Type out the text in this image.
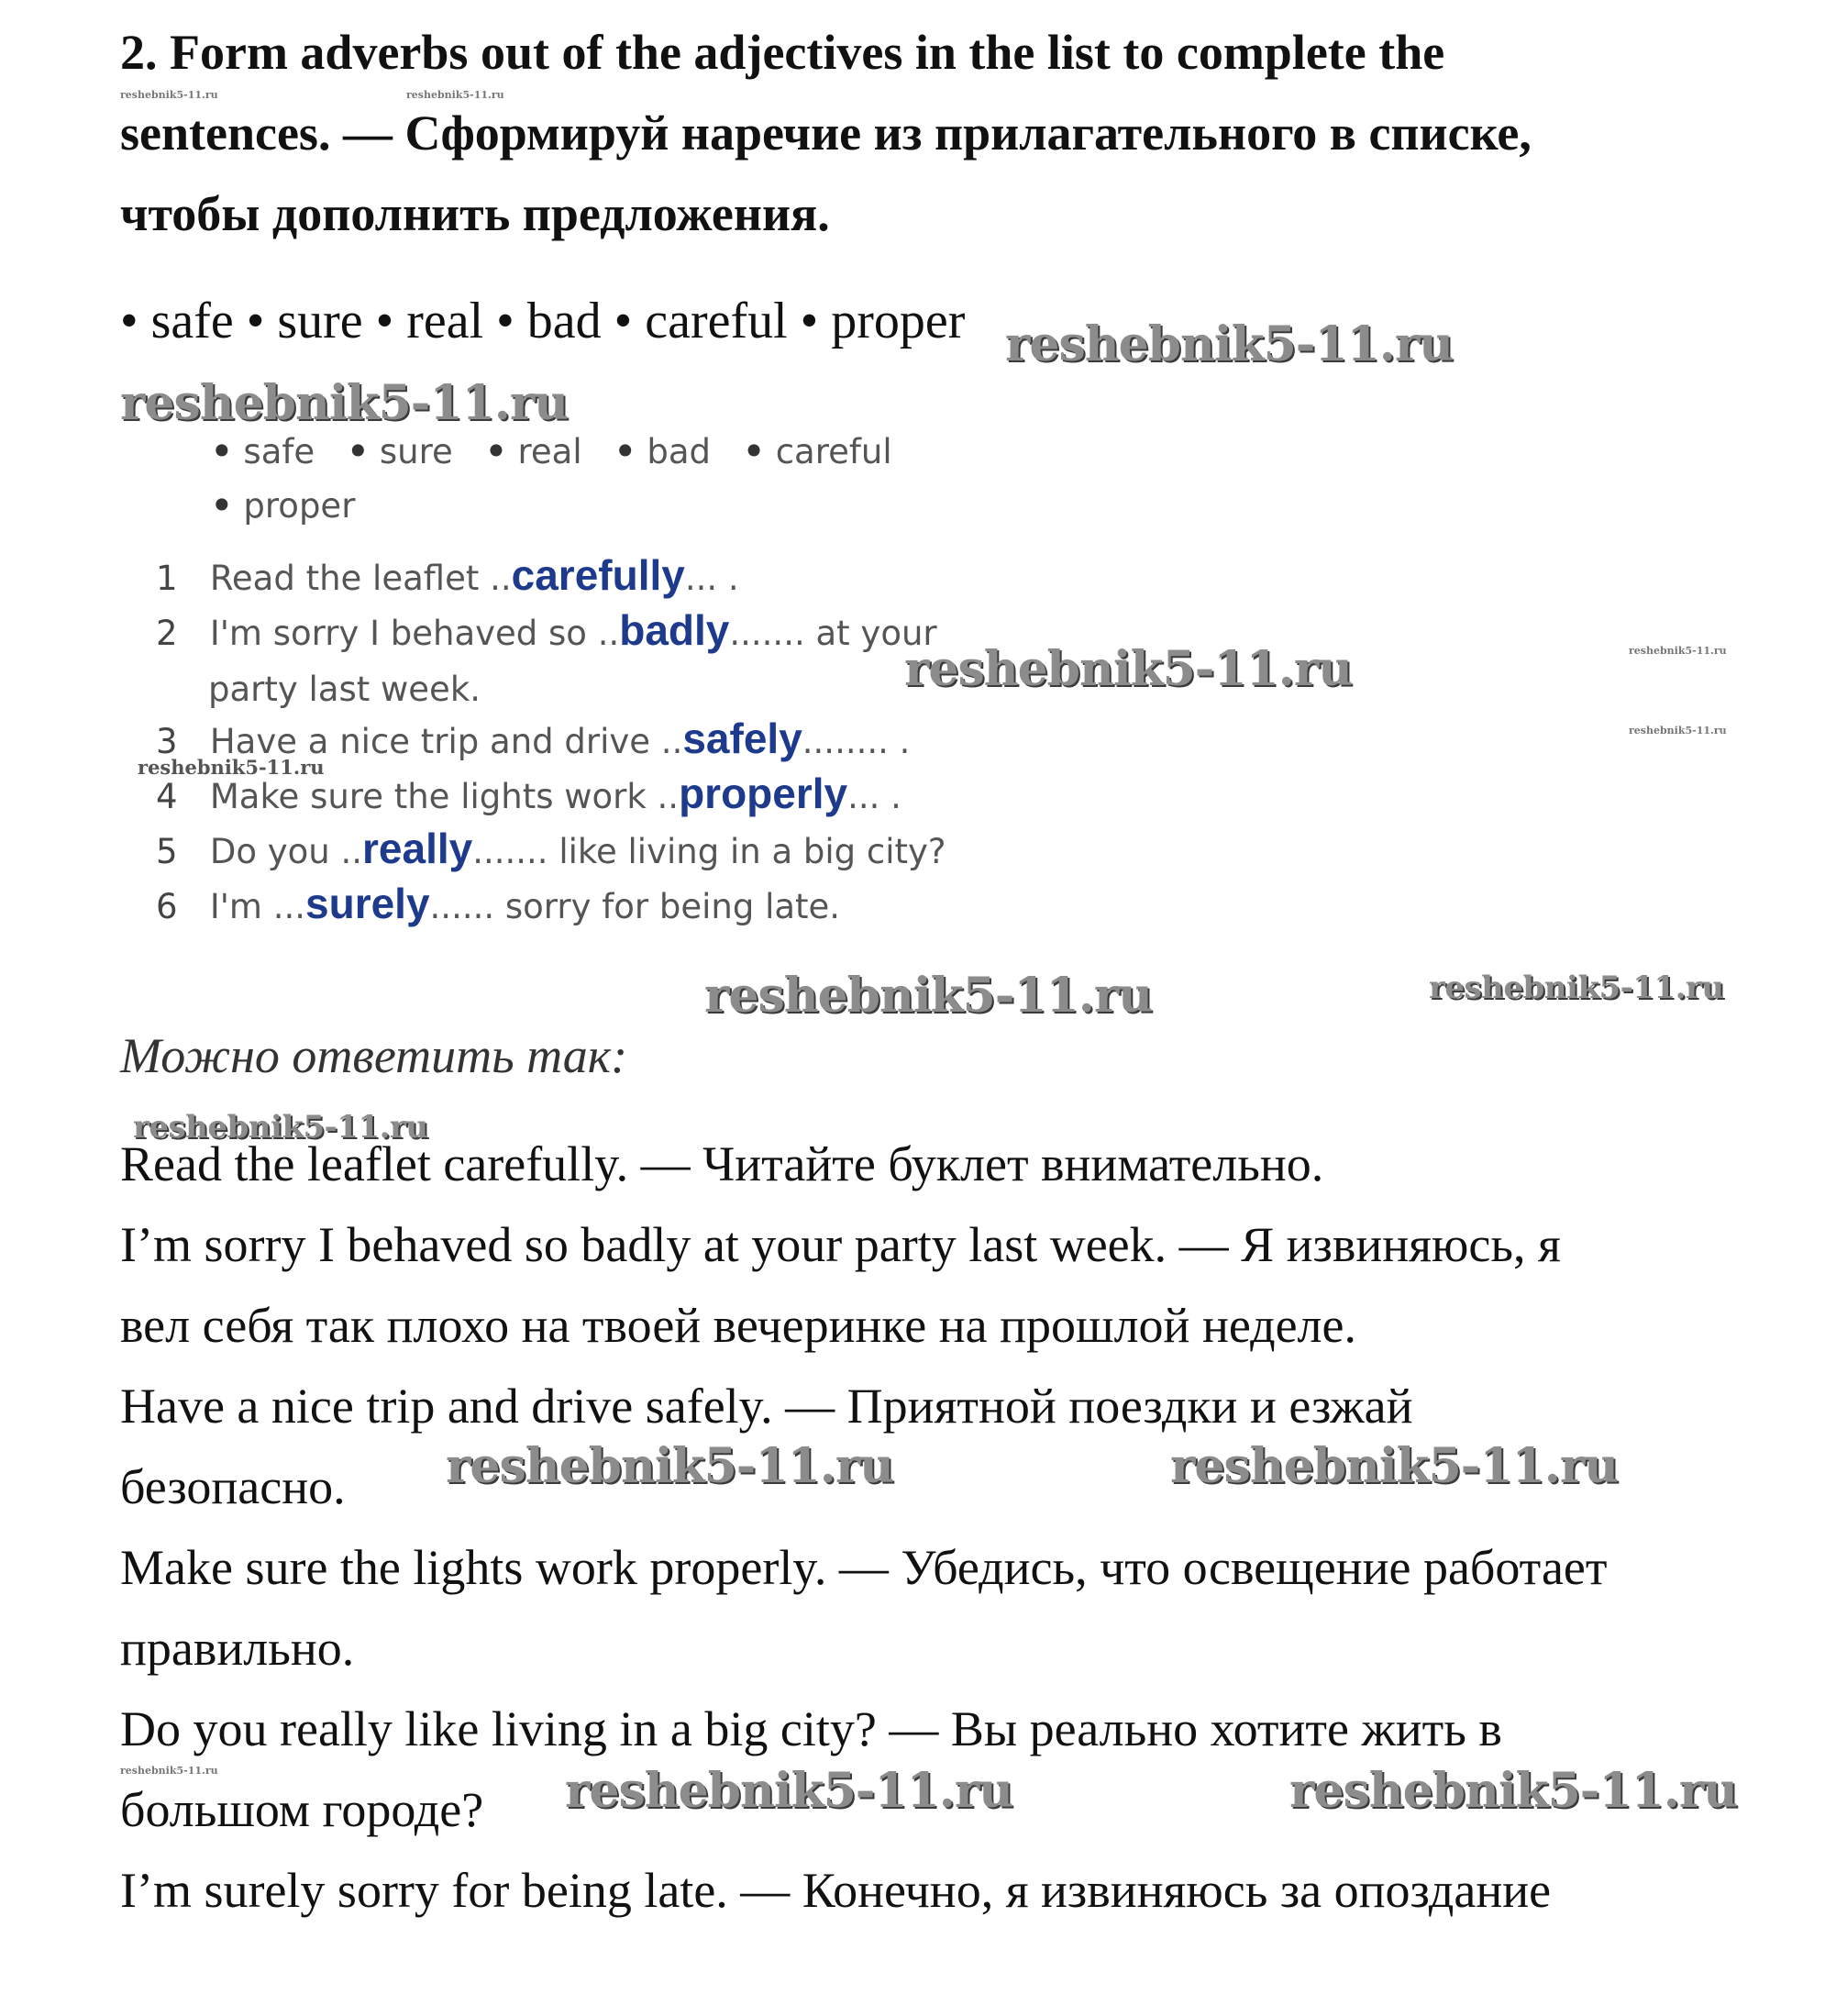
2. Form adverbs out of the adjectives in the list to complete the
sentences. — Сформируй наречие из прилагательного в списке,
чтобы дополнить предложения.
• safe • sure • real • bad • careful • proper
reshebnik5-11.ru	reshebnik5-11.ru
reshebnik5-11.ru
reshebnik5-11.ru
reshebnik5-11.ru	reshebnik5-11.ru
reshebnik5-11.ru
reshebnik5-11.ru
reshebnik5-11.ru	reshebnik5-11.ru
reshebnik5-11.ru
reshebnik5-11.ru	reshebnik5-11.ru
reshebnik5-11.ru	reshebnik5-11.ru	reshebnik5-11.ru
• safe • sure • real • bad • careful
• proper
1 Read the leaflet ..carefully... .
2 I'm sorry I behaved so ..badly....... at your
party last week.
3 Have a nice trip and drive ..safely........ .
4 Make sure the lights work ..properly... .
5 Do you ..really....... like living in a big city?
6 I'm ...surely...... sorry for being late.
Можно ответить так:
Read the leaflet carefully. — Читайте буклет внимательно.
I’m sorry I behaved so badly at your party last week. — Я извиняюсь, я
вел себя так плохо на твоей вечеринке на прошлой неделе.
Have a nice trip and drive safely. — Приятной поездки и езжай
безопасно.
Make sure the lights work properly. — Убедись, что освещение работает
правильно.
Do you really like living in a big city? — Вы реально хотите жить в
большом городе?
I’m surely sorry for being late. — Конечно, я извиняюсь за опоздание
